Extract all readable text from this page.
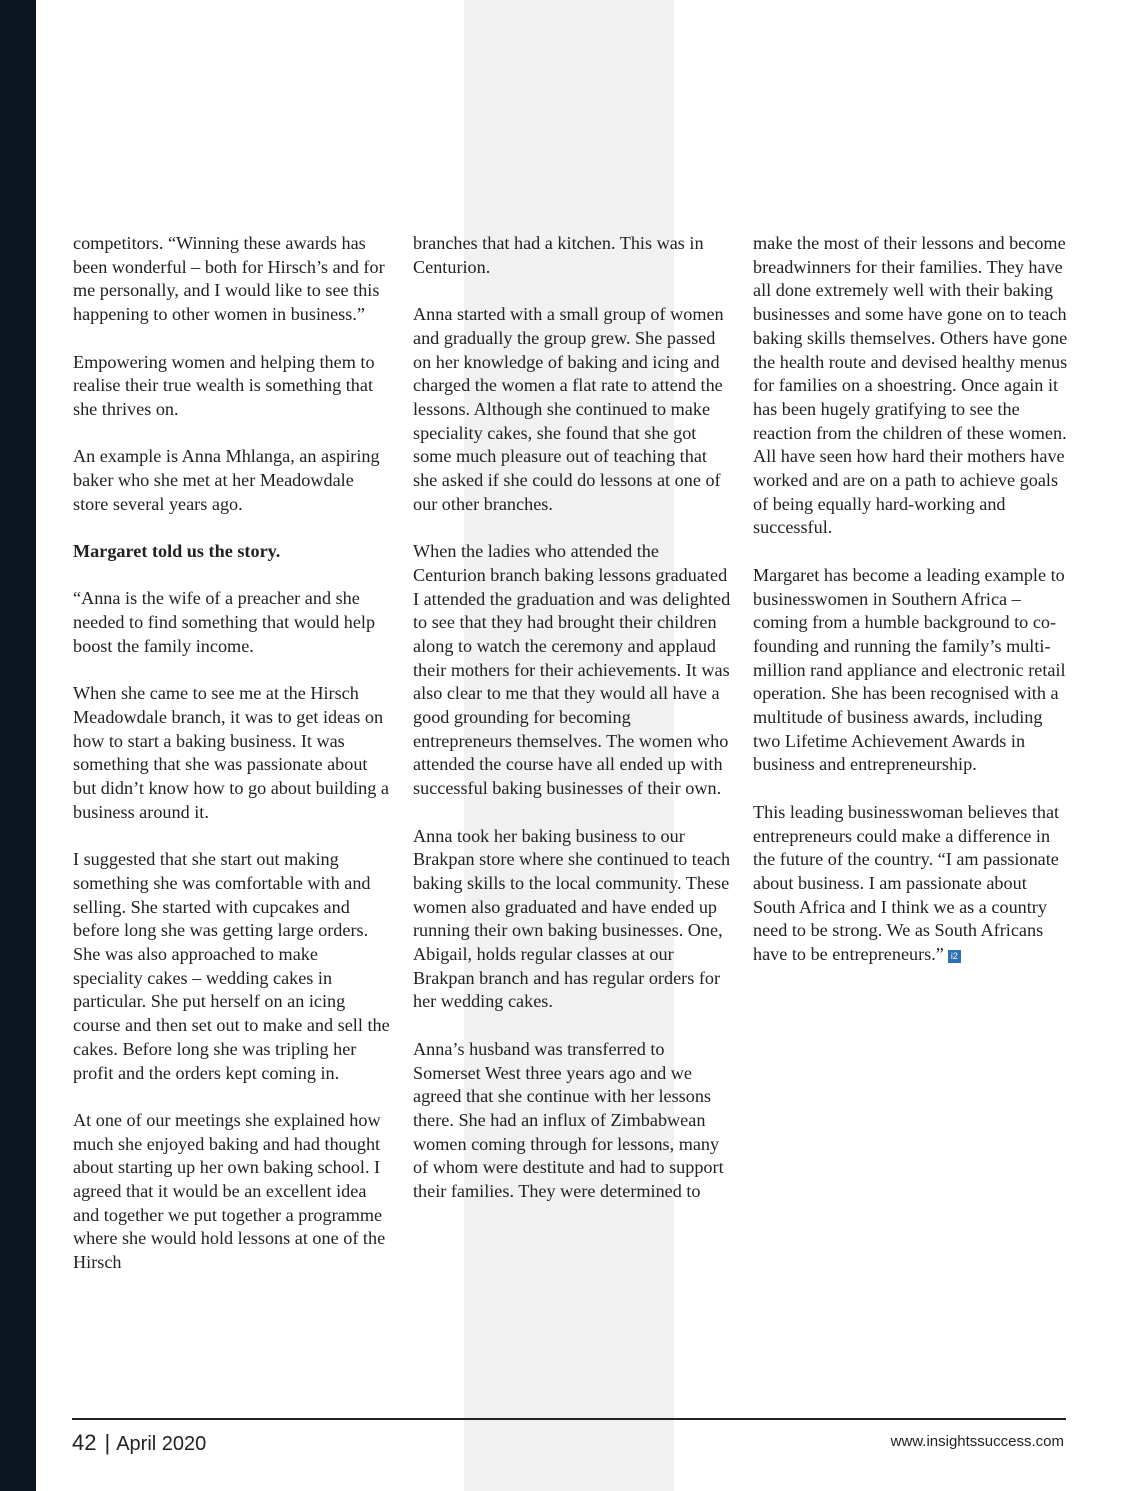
competitors. “Winning these awards has been wonderful – both for Hirsch’s and for me personally, and I would like to see this happening to other women in business.”

Empowering women and helping them to realise their true wealth is something that she thrives on.

An example is Anna Mhlanga, an aspiring baker who she met at her Meadowdale store several years ago.

Margaret told us the story.

“Anna is the wife of a preacher and she needed to find something that would help boost the family income.

When she came to see me at the Hirsch Meadowdale branch, it was to get ideas on how to start a baking business. It was something that she was passionate about but didn’t know how to go about building a business around it.

I suggested that she start out making something she was comfortable with and selling. She started with cupcakes and before long she was getting large orders. She was also approached to make speciality cakes – wedding cakes in particular. She put herself on an icing course and then set out to make and sell the cakes. Before long she was tripling her profit and the orders kept coming in.

At one of our meetings she explained how much she enjoyed baking and had thought about starting up her own baking school. I agreed that it would be an excellent idea and together we put together a programme where she would hold lessons at one of the Hirsch

branches that had a kitchen. This was in Centurion.

Anna started with a small group of women and gradually the group grew. She passed on her knowledge of baking and icing and charged the women a flat rate to attend the lessons. Although she continued to make speciality cakes, she found that she got some much pleasure out of teaching that she asked if she could do lessons at one of our other branches.

When the ladies who attended the Centurion branch baking lessons graduated I attended the graduation and was delighted to see that they had brought their children along to watch the ceremony and applaud their mothers for their achievements. It was also clear to me that they would all have a good grounding for becoming entrepreneurs themselves. The women who attended the course have all ended up with successful baking businesses of their own.

Anna took her baking business to our Brakpan store where she continued to teach baking skills to the local community. These women also graduated and have ended up running their own baking businesses. One, Abigail, holds regular classes at our Brakpan branch and has regular orders for her wedding cakes.

Anna’s husband was transferred to Somerset West three years ago and we agreed that she continue with her lessons there. She had an influx of Zimbabwean women coming through for lessons, many of whom were destitute and had to support their families. They were determined to

make the most of their lessons and become breadwinners for their families. They have all done extremely well with their baking businesses and some have gone on to teach baking skills themselves. Others have gone the health route and devised healthy menus for families on a shoestring. Once again it has been hugely gratifying to see the reaction from the children of these women. All have seen how hard their mothers have worked and are on a path to achieve goals of being equally hard-working and successful.

Margaret has become a leading example to businesswomen in Southern Africa – coming from a humble background to co-founding and running the family’s multi-million rand appliance and electronic retail operation. She has been recognised with a multitude of business awards, including two Lifetime Achievement Awards in business and entrepreneurship.

This leading businesswoman believes that entrepreneurs could make a difference in the future of the country. “I am passionate about business. I am passionate about South Africa and I think we as a country need to be strong. We as South Africans have to be entrepreneurs.” i2

42 | April 2020	www.insightssuccess.com
